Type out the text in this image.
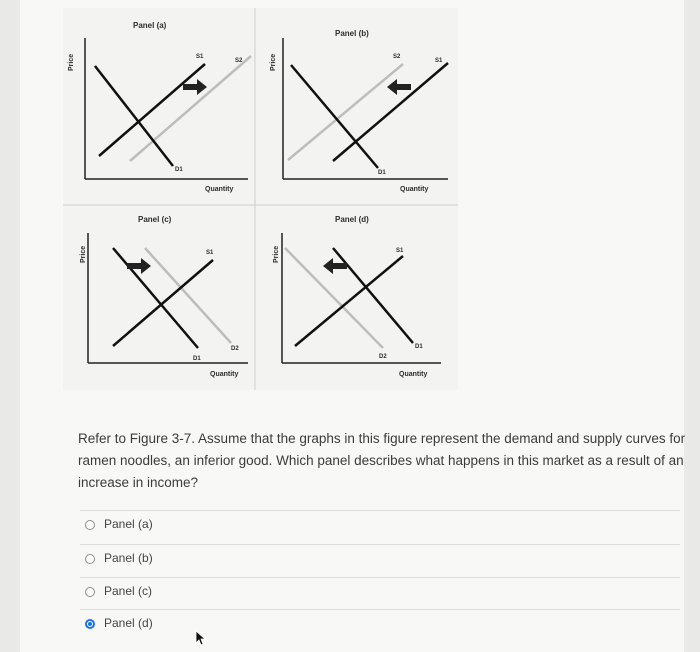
Panel (a)
Price	S1
S2
D1
Quantity
Panel (b)
Price	S2
S1
D1
Quantity
Panel (c)
Price	S1
D1
D2
Quantity
Panel (d)
Price	S1
D2
D1
Quantity
Refer to Figure 3-7. Assume that the graphs in this figure represent the demand and supply curves for ramen noodles, an inferior good. Which panel describes what happens in this market as a result of an increase in income?
Panel (a)
Panel (b)
Panel (c)
Panel (d)
